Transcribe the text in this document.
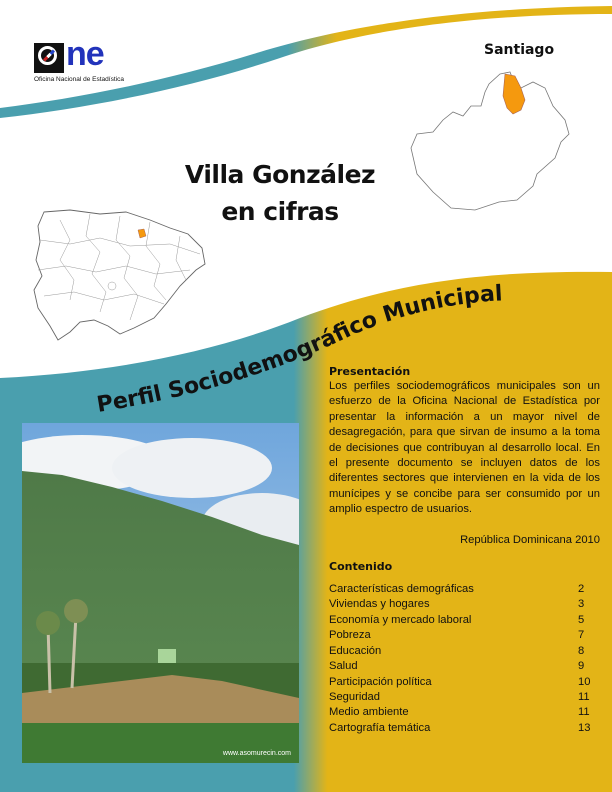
ne
Oficina Nacional de Estadística
Santiago
Villa González
en cifras
Perfil Sociodemográfico Municipal
www.asomurecin.com
Presentación

Los perfiles sociodemográficos municipales son un esfuerzo de la Oficina Nacional de Estadística por presentar la información a un mayor nivel de desagregación, para que sirvan de insumo a la toma de decisiones que contribuyan al desarrollo local. En el presente documento se incluyen datos de los diferentes sectores que intervienen en la vida de los munícipes y se concibe para ser consumido por un amplio espectro de usuarios.

República Dominicana 2010
Contenido
Características demográficas	2
Viviendas y hogares	3
Economía y mercado laboral	5
Pobreza	7
Educación	8
Salud	9
Participación política	10
Seguridad	11
Medio ambiente	11
Cartografía temática	13
